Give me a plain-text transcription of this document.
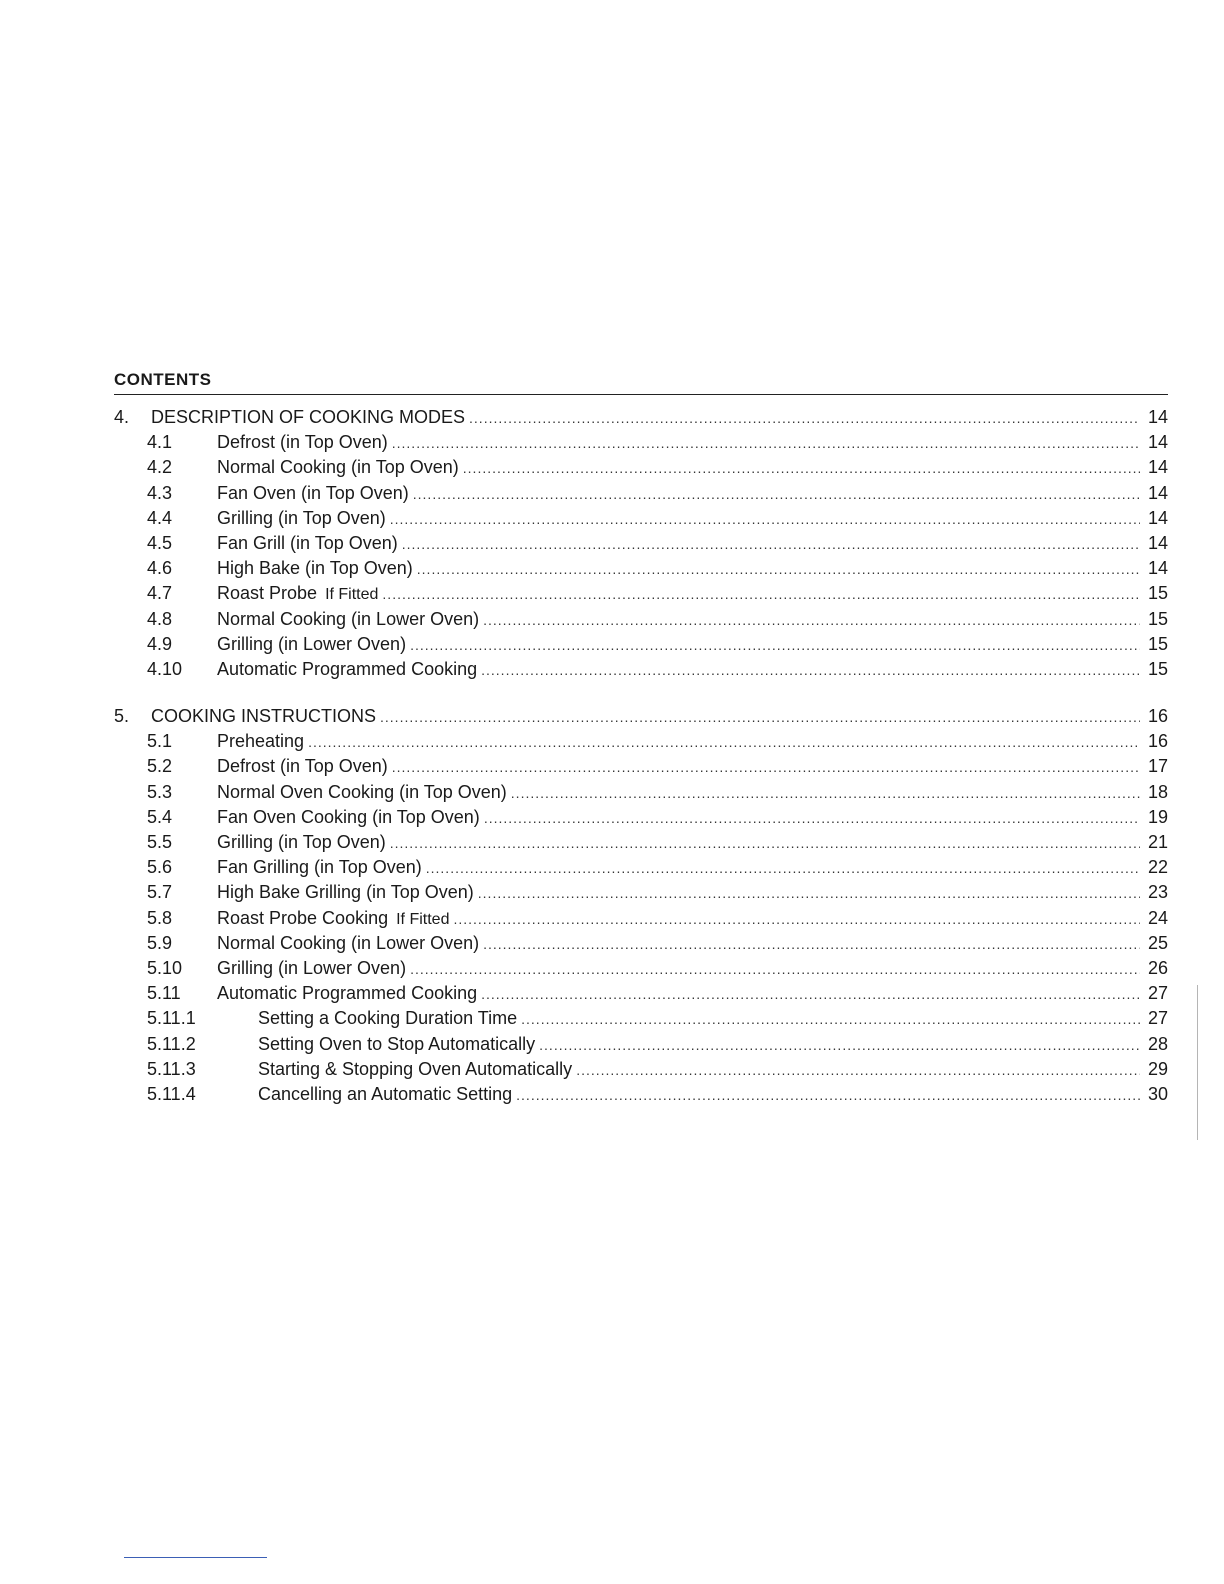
CONTENTS
4.	DESCRIPTION OF COOKING MODES .....	14
4.1	Defrost (in Top Oven) .....	14
4.2	Normal Cooking (in Top Oven) .....	14
4.3	Fan Oven (in Top Oven) .....	14
4.4	Grilling (in Top Oven) .....	14
4.5	Fan Grill (in Top Oven) .....	14
4.6	High Bake (in Top Oven) .....	14
4.7	Roast Probe If Fitted .....	15
4.8	Normal Cooking (in Lower Oven) .....	15
4.9	Grilling (in Lower Oven) .....	15
4.10	Automatic Programmed Cooking .....	15
5.	COOKING INSTRUCTIONS .....	16
5.1	Preheating .....	16
5.2	Defrost (in Top Oven) .....	17
5.3	Normal Oven Cooking (in Top Oven) .....	18
5.4	Fan Oven Cooking (in Top Oven) .....	19
5.5	Grilling (in Top Oven) .....	21
5.6	Fan Grilling (in Top Oven) .....	22
5.7	High Bake Grilling (in Top Oven) .....	23
5.8	Roast Probe Cooking If Fitted .....	24
5.9	Normal Cooking (in Lower Oven) .....	25
5.10	Grilling (in Lower Oven) .....	26
5.11	Automatic Programmed Cooking .....	27
5.11.1	Setting a Cooking Duration Time .....	27
5.11.2	Setting Oven to Stop Automatically .....	28
5.11.3	Starting & Stopping Oven Automatically .....	29
5.11.4	Cancelling an Automatic Setting .....	30
